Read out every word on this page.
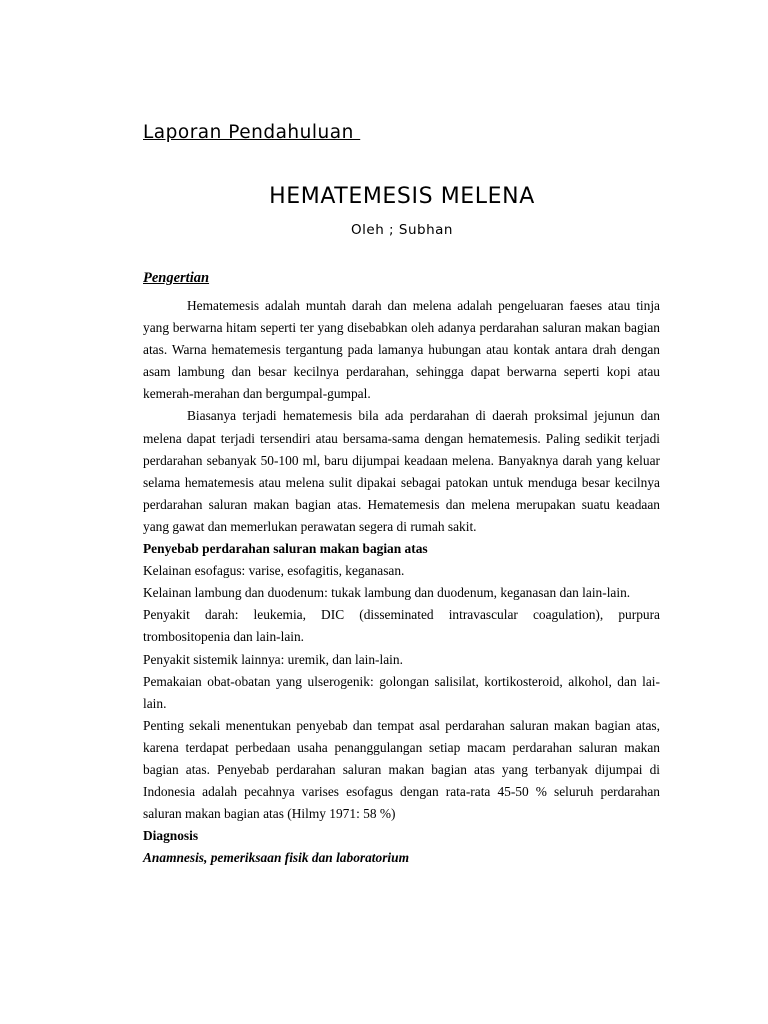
Laporan Pendahuluan
HEMATEMESIS MELENA
Oleh ; Subhan
Pengertian

Hematemesis adalah muntah darah dan melena adalah pengeluaran faeses atau tinja yang berwarna hitam seperti ter yang disebabkan oleh adanya perdarahan saluran makan bagian atas. Warna hematemesis tergantung pada lamanya hubungan atau kontak antara drah dengan asam lambung dan besar kecilnya perdarahan, sehingga dapat berwarna seperti kopi atau kemerah-merahan dan bergumpal-gumpal.

Biasanya terjadi hematemesis bila ada perdarahan di daerah proksimal jejunun dan melena dapat terjadi tersendiri atau bersama-sama dengan hematemesis. Paling sedikit terjadi perdarahan sebanyak 50-100 ml, baru dijumpai keadaan melena. Banyaknya darah yang keluar selama hematemesis atau melena sulit dipakai sebagai patokan untuk menduga besar kecilnya perdarahan saluran makan bagian atas. Hematemesis dan melena merupakan suatu keadaan yang gawat dan memerlukan perawatan segera di rumah sakit.

Penyebab perdarahan saluran makan bagian atas

Kelainan esofagus: varise, esofagitis, keganasan.

Kelainan lambung dan duodenum: tukak lambung dan duodenum, keganasan dan lain-lain.

Penyakit darah: leukemia, DIC (disseminated intravascular coagulation), purpura trombositopenia dan lain-lain.

Penyakit sistemik lainnya: uremik, dan lain-lain.

Pemakaian obat-obatan yang ulserogenik: golongan salisilat, kortikosteroid, alkohol, dan lai-lain.

Penting sekali menentukan penyebab dan tempat asal perdarahan saluran makan bagian atas, karena terdapat perbedaan usaha penanggulangan setiap macam perdarahan saluran makan bagian atas. Penyebab perdarahan saluran makan bagian atas yang terbanyak dijumpai di Indonesia adalah pecahnya varises esofagus dengan rata-rata 45-50 % seluruh perdarahan saluran makan bagian atas (Hilmy 1971: 58 %)

Diagnosis

Anamnesis, pemeriksaan fisik dan laboratorium
